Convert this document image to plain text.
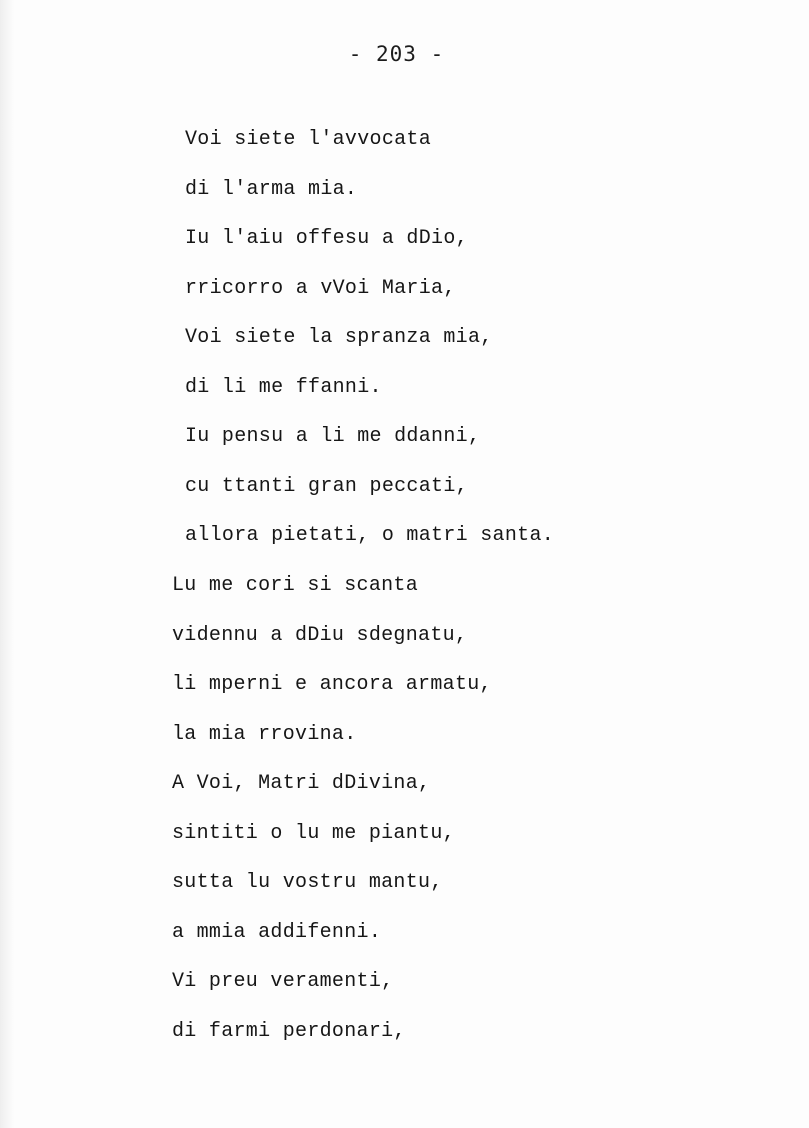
- 203 -
Voi siete l'avvocata
di l'arma mia.
Iu l'aiu offesu a dDio,
rricorro a vVoi Maria,
Voi siete la spranza mia,
di li me ffanni.
Iu pensu a li me ddanni,
cu ttanti gran peccati,
allora pietati, o matri santa.
Lu me cori si scanta
vidennu a dDiu sdegnatu,
li mperni e ancora armatu,
la mia rrovina.
A Voi, Matri dDivina,
sintiti o lu me piantu,
sutta lu vostru mantu,
a mmia addifenni.
Vi preu veramenti,
di farmi perdonari,
